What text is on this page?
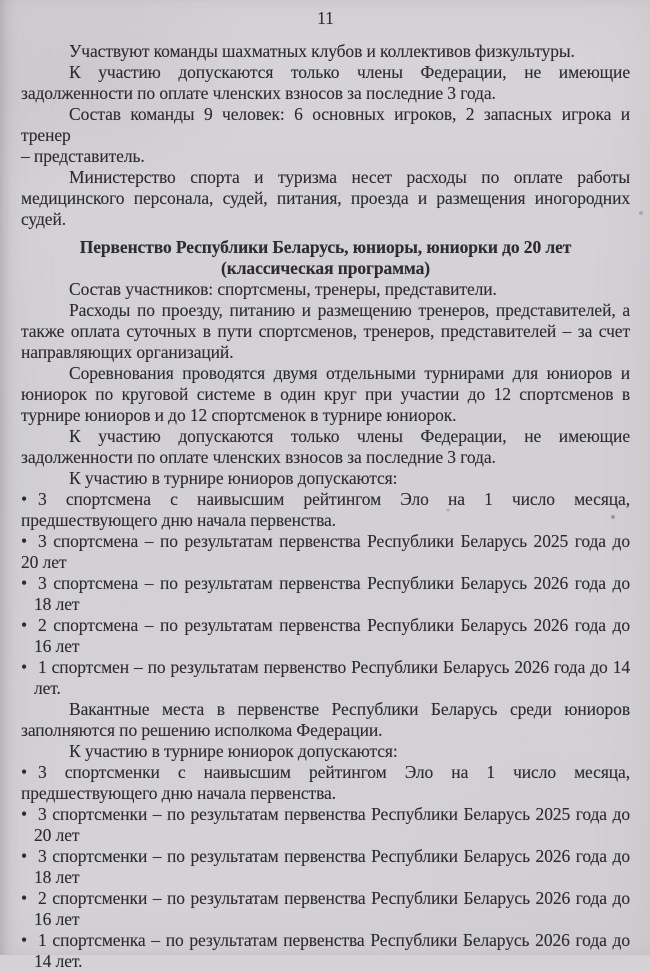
11
Участвуют команды шахматных клубов и коллективов физкультуры.
К участию допускаются только члены Федерации, не имеющие
задолженности по оплате членских взносов за последние 3 года.
Состав команды 9 человек: 6 основных игроков, 2 запасных игрока и тренер
– представитель.
Министерство спорта и туризма несет расходы по оплате работы
медицинского персонала, судей, питания, проезда и размещения иногородних
судей.
Первенство Республики Беларусь, юниоры, юниорки до 20 лет
(классическая программа)
Состав участников: спортсмены, тренеры, представители.
Расходы по проезду, питанию и размещению тренеров, представителей, а
также оплата суточных в пути спортсменов, тренеров, представителей – за счет
направляющих организаций.
Соревнования проводятся двумя отдельными турнирами для юниоров и
юниорок по круговой системе в один круг при участии до 12 спортсменов в
турнире юниоров и до 12 спортсменок в турнире юниорок.
К участию допускаются только члены Федерации, не имеющие
задолженности по оплате членских взносов за последние 3 года.
К участию в турнире юниоров допускаются:
• 3 спортсмена с наивысшим рейтингом Эло на 1 число месяца,
предшествующего дню начала первенства.
• 3 спортсмена – по результатам первенства Республики Беларусь 2025 года до
20 лет
• 3 спортсмена – по результатам первенства Республики Беларусь 2026 года до
18 лет
• 2 спортсмена – по результатам первенства Республики Беларусь 2026 года до
16 лет
• 1 спортсмен – по результатам первенство Республики Беларусь 2026 года до 14
лет.
Вакантные места в первенстве Республики Беларусь среди юниоров
заполняются по решению исполкома Федерации.
К участию в турнире юниорок допускаются:
• 3 спортсменки с наивысшим рейтингом Эло на 1 число месяца,
предшествующего дню начала первенства.
• 3 спортсменки – по результатам первенства Республики Беларусь 2025 года до
20 лет
• 3 спортсменки – по результатам первенства Республики Беларусь 2026 года до
18 лет
• 2 спортсменки – по результатам первенства Республики Беларусь 2026 года до
16 лет
• 1 спортсменка – по результатам первенства Республики Беларусь 2026 года до
14 лет.
